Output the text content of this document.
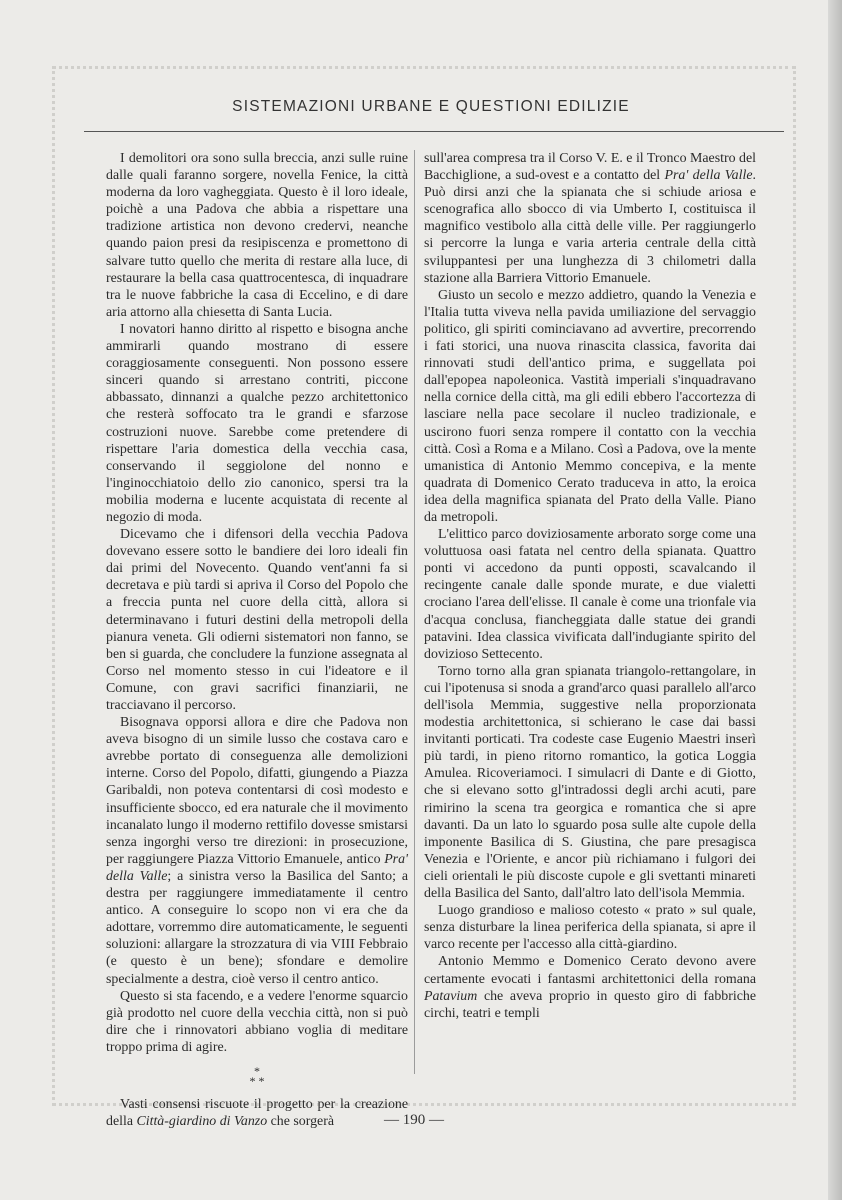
SISTEMAZIONI URBANE E QUESTIONI EDILIZIE

I demolitori ora sono sulla breccia, anzi sulle ruine dalle quali faranno sorgere, novella Fenice, la città moderna da loro vagheggiata. Questo è il loro ideale, poichè a una Padova che abbia a rispettare una tradizione artistica non devono credervi, neanche quando paion presi da resipiscenza e promettono di salvare tutto quello che merita di restare alla luce, di restaurare la bella casa quattrocentesca, di inquadrare tra le nuove fabbriche la casa di Eccelino, e di dare aria attorno alla chiesetta di Santa Lucia.

I novatori hanno diritto al rispetto e bisogna anche ammirarli quando mostrano di essere coraggiosamente conseguenti. Non possono essere sinceri quando si arrestano contriti, piccone abbassato, dinnanzi a qualche pezzo architettonico che resterà soffocato tra le grandi e sfarzose costruzioni nuove. Sarebbe come pretendere di rispettare l'aria domestica della vecchia casa, conservando il seggiolone del nonno e l'inginocchiatoio dello zio canonico, spersi tra la mobilia moderna e lucente acquistata di recente al negozio di moda.

Dicevamo che i difensori della vecchia Padova dovevano essere sotto le bandiere dei loro ideali fin dai primi del Novecento. Quando vent'anni fa si decretava e più tardi si apriva il Corso del Popolo che a freccia punta nel cuore della città, allora si determinavano i futuri destini della metropoli della pianura veneta. Gli odierni sistematori non fanno, se ben si guarda, che concludere la funzione assegnata al Corso nel momento stesso in cui l'ideatore e il Comune, con gravi sacrifici finanziarii, ne tracciavano il percorso.

Bisognava opporsi allora e dire che Padova non aveva bisogno di un simile lusso che costava caro e avrebbe portato di conseguenza alle demolizioni interne. Corso del Popolo, difatti, giungendo a Piazza Garibaldi, non poteva contentarsi di così modesto e insufficiente sbocco, ed era naturale che il movimento incanalato lungo il moderno rettifilo dovesse smistarsi senza ingorghi verso tre direzioni: in prosecuzione, per raggiungere Piazza Vittorio Emanuele, antico Pra' della Valle; a sinistra verso la Basilica del Santo; a destra per raggiungere immediatamente il centro antico. A conseguire lo scopo non vi era che da adottare, vorremmo dire automaticamente, le seguenti soluzioni: allargare la strozzatura di via VIII Febbraio (e questo è un bene); sfondare e demolire specialmente a destra, cioè verso il centro antico.

Questo si sta facendo, e a vedere l'enorme squarcio già prodotto nel cuore della vecchia città, non si può dire che i rinnovatori abbiano voglia di meditare troppo prima di agire.

*
* *

Vasti consensi riscuote il progetto per la creazione della Città-giardino di Vanzo che sorgerà

sull'area compresa tra il Corso V. E. e il Tronco Maestro del Bacchiglione, a sud-ovest e a contatto del Pra' della Valle. Può dirsi anzi che la spianata che si schiude ariosa e scenografica allo sbocco di via Umberto I, costituisca il magnifico vestibolo alla città delle ville. Per raggiungerlo si percorre la lunga e varia arteria centrale della città sviluppantesi per una lunghezza di 3 chilometri dalla stazione alla Barriera Vittorio Emanuele.

Giusto un secolo e mezzo addietro, quando la Venezia e l'Italia tutta viveva nella pavida umiliazione del servaggio politico, gli spiriti cominciavano ad avvertire, precorrendo i fati storici, una nuova rinascita classica, favorita dai rinnovati studi dell'antico prima, e suggellata poi dall'epopea napoleonica. Vastità imperiali s'inquadravano nella cornice della città, ma gli edili ebbero l'accortezza di lasciare nella pace secolare il nucleo tradizionale, e uscirono fuori senza rompere il contatto con la vecchia città. Così a Roma e a Milano. Così a Padova, ove la mente umanistica di Antonio Memmo concepiva, e la mente quadrata di Domenico Cerato traduceva in atto, la eroica idea della magnifica spianata del Prato della Valle. Piano da metropoli.

L'elittico parco doviziosamente arborato sorge come una voluttuosa oasi fatata nel centro della spianata. Quattro ponti vi accedono da punti opposti, scavalcando il recingente canale dalle sponde murate, e due vialetti crociano l'area dell'elisse. Il canale è come una trionfale via d'acqua conclusa, fiancheggiata dalle statue dei grandi patavini. Idea classica vivificata dall'indugiante spirito del dovizioso Settecento.

Torno torno alla gran spianata triangolo-rettangolare, in cui l'ipotenusa si snoda a grand'arco quasi parallelo all'arco dell'isola Memmia, suggestive nella proporzionata modestia architettonica, si schierano le case dai bassi invitanti porticati. Tra codeste case Eugenio Maestri inserì più tardi, in pieno ritorno romantico, la gotica Loggia Amulea. Ricoveriamoci. I simulacri di Dante e di Giotto, che si elevano sotto gl'intradossi degli archi acuti, pare rimirino la scena tra georgica e romantica che si apre davanti. Da un lato lo sguardo posa sulle alte cupole della imponente Basilica di S. Giustina, che pare presagisca Venezia e l'Oriente, e ancor più richiamano i fulgori dei cieli orientali le più discoste cupole e gli svettanti minareti della Basilica del Santo, dall'altro lato dell'isola Memmia.

Luogo grandioso e malioso cotesto « prato » sul quale, senza disturbare la linea periferica della spianata, si apre il varco recente per l'accesso alla città-giardino.

Antonio Memmo e Domenico Cerato devono avere certamente evocati i fantasmi architettonici della romana Patavium che aveva proprio in questo giro di fabbriche circhi, teatri e templi

— 190 —
